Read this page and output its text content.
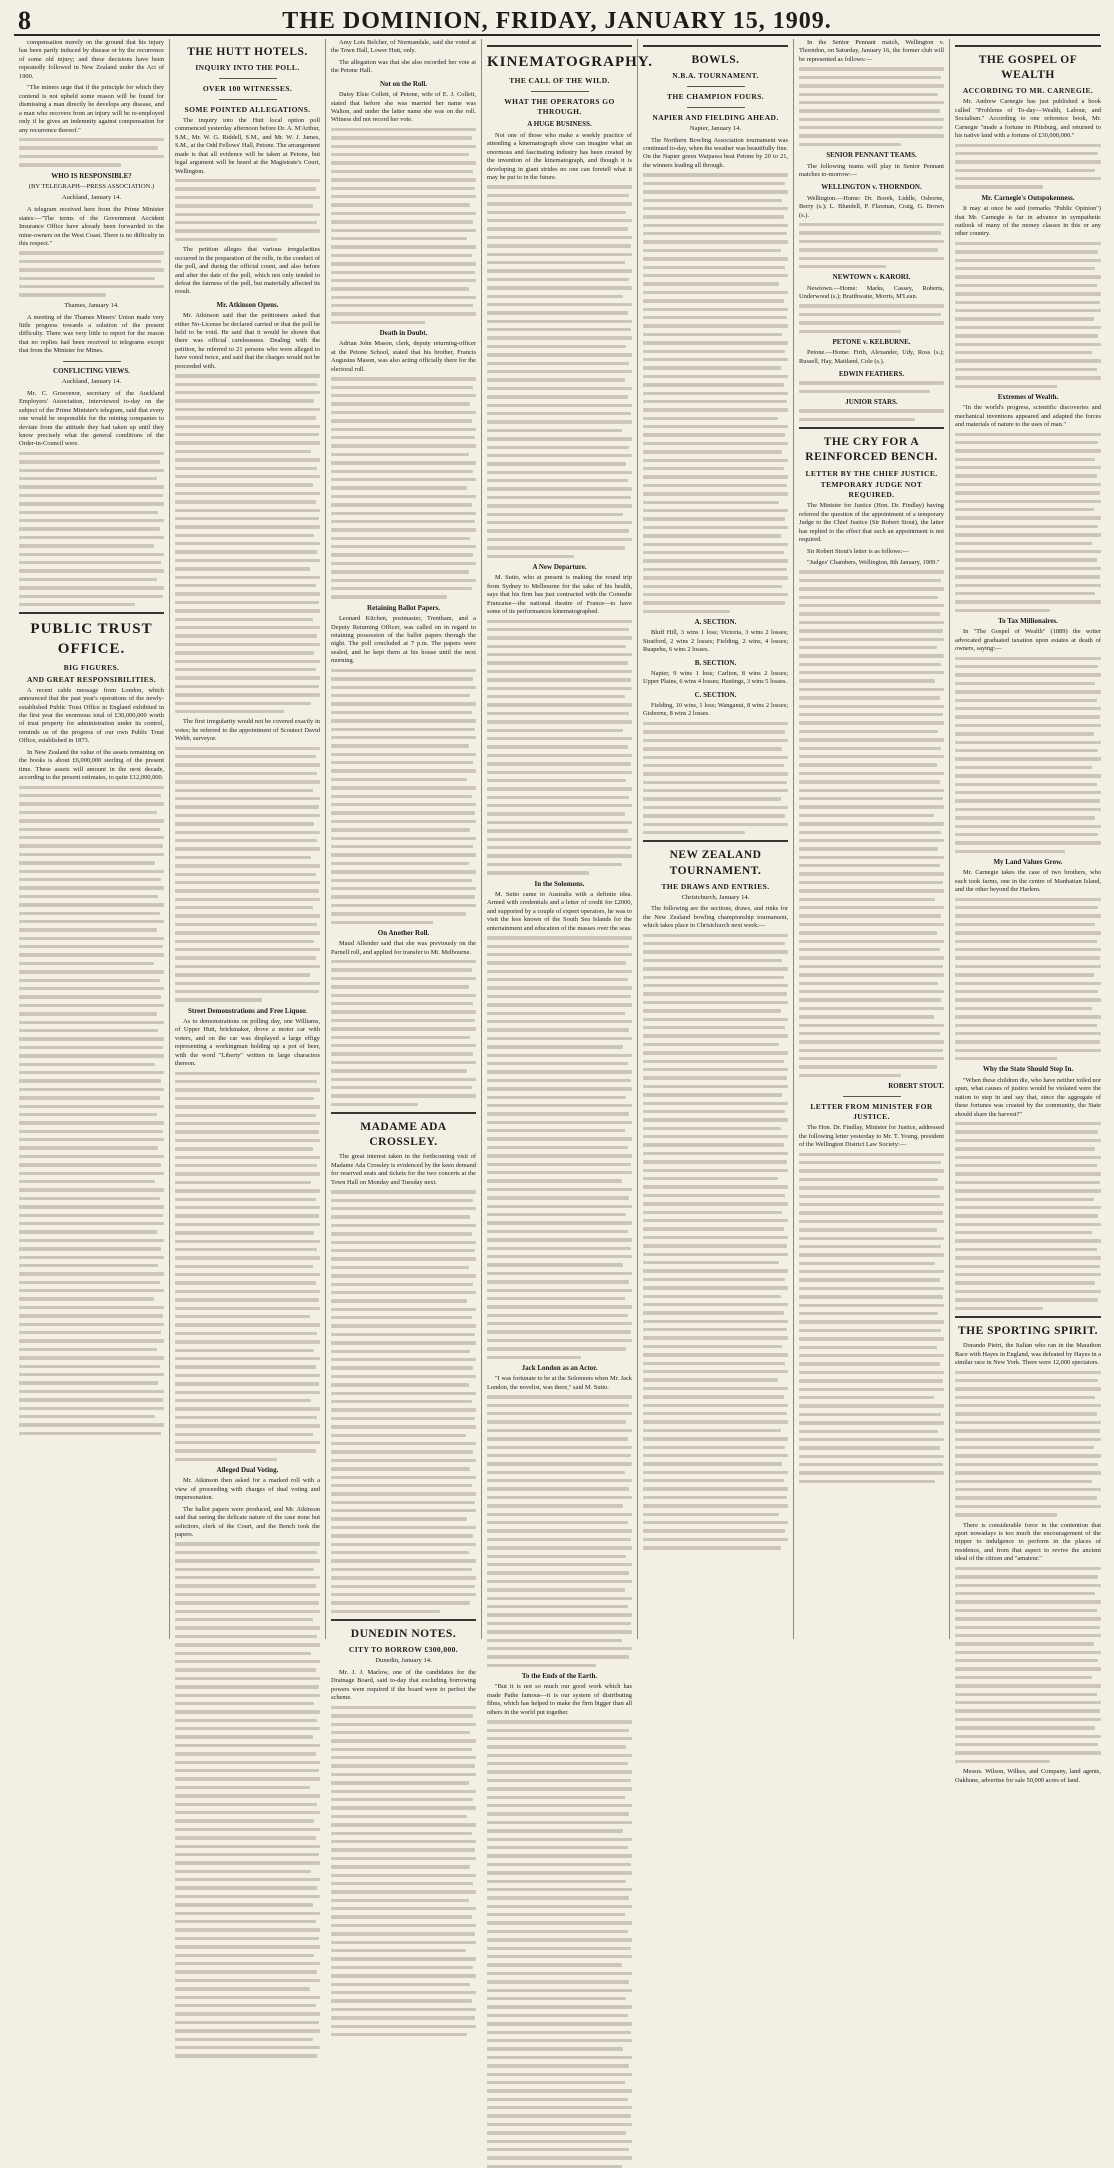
8	THE DOMINION, FRIDAY, JANUARY 15, 1909.

compensation merely on the ground that his injury has been partly induced by disease or by the recurrence of some old injury; and these decisions have been repeatedly followed in New Zealand under the Act of 1900.

"The miners urge that if the principle for which they contend is not upheld some reason will be found for dismissing a man directly he develops any disease, and a man who recovers from an injury will be re-employed only if he gives an indemnity against compensation for any recurrence thereof."

WHO IS RESPONSIBLE?
(BY TELEGRAPH—PRESS ASSOCIATION.)
Auckland, January 14.

A telegram received here from the Prime Minister states:—"The terms of the Government Accident Insurance Office have already been forwarded to the mine-owners on the West Coast. There is no difficulty in this respect."

Thames, January 14.

A meeting of the Thames Miners' Union made very little progress towards a solution of the present difficulty. There was very little to report for the reason that no replies had been received to telegrams except that from the Minister for Mines.

CONFLICTING VIEWS.
Auckland, January 14.

Mr. C. Grosvenor, secretary of the Auckland Employers' Association, interviewed to-day on the subject of the Prime Minister's telegram, said that every one would be responsible for the mining companies to deviate from the attitude they had taken up until they know precisely what the general conditions of the Order-in-Council were.

PUBLIC TRUST OFFICE.
BIG FIGURES.
AND GREAT RESPONSIBILITIES.

A recent cable message from London, which announced that the past year's operations of the newly-established Public Trust Office in England exhibited in the first year the enormous total of £30,000,000 worth of trust property for administration under its control, reminds us of the progress of our own Public Trust Office, established in 1873.

In New Zealand the value of the assets remaining on the books is about £6,000,000 sterling of the present time. These assets will amount in the next decade, according to the present estimates, to quite £12,000,000.

THE HUTT HOTELS.
INQUIRY INTO THE POLL.
OVER 100 WITNESSES.
SOME POINTED ALLEGATIONS.

The inquiry into the Hutt local option poll commenced yesterday afternoon before Dr. A. M'Arthur, S.M., Mr. W. G. Riddell, S.M., and Mr. W. J. James, S.M., at the Odd Fellows' Hall, Petone. The arrangement made is that all evidence will be taken at Petone, but legal argument will be heard at the Magistrate's Court, Wellington.

The petition alleges that various irregularities occurred in the preparation of the rolls, in the conduct of the poll, and during the official count, and also before and after the date of the poll, which not only tended to defeat the fairness of the poll, but materially affected its result.

Mr. Atkinson Opens.

Mr. Atkinson said that the petitioners asked that either No-License be declared carried or that the poll be held to be void. He said that it would be shown that there was official carelessness. Dealing with the petition, he referred to 21 persons who were alleged to have voted twice, and said that the charges would not be proceeded with.

The first irregularity would not be covered exactly in votes; he referred to the appointment of Scoutect David Webb, surveyor.

Street Demonstrations and Free Liquor.

As to demonstrations on polling day, one Williams, of Upper Hutt, brickmaker, drove a motor car with voters, and on the car was displayed a large effigy representing a workingman holding up a pot of beer, with the word "Liberty" written in large characters thereon.

Alleged Dual Voting.

Mr. Atkinson then asked for a marked roll with a view of proceeding with charges of dual voting and impersonation.

The ballot papers were produced, and Mr. Atkinson said that seeing the delicate nature of the case none but solicitors, clerk of the Court, and the Bench took the papers.

Amy Lois Belcher, of Normandale, said she voted at the Town Hall, Lower Hutt, only.

The allegation was that she also recorded her vote at the Petone Hall.

Not on the Roll.

Daisy Elsie Collett, of Petone, wife of E. J. Collett, stated that before she was married her name was Walton, and under the latter name she was on the roll. Witness did not record her vote.

Death in Doubt.

Adrian John Mason, clerk, deputy returning-officer at the Petone School, stated that his brother, Francis Augustus Mason, was also acting officially there for the electoral roll.

Retaining Ballot Papers.

Leonard Kitchen, postmaster, Trentham, and a Deputy Returning Officer, was called on in regard to retaining possession of the ballot papers through the night. The poll concluded at 7 p.m. The papers were sealed, and he kept them at his house until the next morning.

On Another Roll.

Maud Allender said that she was previously on the Parnell roll, and applied for transfer to Mt. Melbourne.

MADAME ADA CROSSLEY.

The great interest taken in the forthcoming visit of Madame Ada Crossley is evidenced by the keen demand for reserved seats and tickets for the two concerts at the Town Hall on Monday and Tuesday next.

DUNEDIN NOTES.
CITY TO BORROW £300,000.
Dunedin, January 14.

Mr. J. J. Marlow, one of the candidates for the Drainage Board, said to-day that excluding borrowing powers were required if the board were to perfect the scheme.

KINEMATOGRAPHY.
THE CALL OF THE WILD.
WHAT THE OPERATORS GO THROUGH.
A HUGE BUSINESS.

Not one of those who make a weekly practice of attending a kinematograph show can imagine what an enormous and fascinating industry has been created by the invention of the kinematograph, and though it is developing in giant strides no one can foretell what it may be put to in the future.

A New Departure.

M. Sutto, who at present is making the round trip from Sydney to Melbourne for the sake of his health, says that his firm has just contracted with the Comedie Francaise—the national theatre of France—to have some of its performances kinematographed.

In the Solomons.

M. Sutto came to Australia with a definite idea. Armed with credentials and a letter of credit for £2000, and supported by a couple of expert operators, he was to visit the less known of the South Sea Islands for the entertainment and education of the masses over the seas.

Jack London as an Actor.

"I was fortunate to be at the Solomons when Mr. Jack London, the novelist, was there," said M. Sutto.

To the Ends of the Earth.

"But it is not so much our good work which has made Pathe famous—it is our system of distributing films, which has helped to make the firm bigger than all others in the world put together.

BOWLS.
N.B.A. TOURNAMENT.
THE CHAMPION FOURS.
NAPIER AND FIELDING AHEAD.
Napier, January 14.

The Northern Bowling Association tournament was continued to-day, when the weather was beautifully fine. On the Napier green Waipawa beat Petone by 20 to 21, the winners leading all through.

A. SECTION.

Bluff Hill, 3 wins 1 loss; Victoria, 3 wins 2 losses; Stratford, 2 wins 2 losses; Fielding, 2 wins, 4 losses; Ruapehu, 6 wins 2 losses.

B. SECTION.

Napier, 9 wins 1 loss; Carlton, 8 wins 2 losses; Upper Plains, 6 wins 4 losses; Hastings, 3 wins 5 losses.

C. SECTION.

Fielding, 10 wins, 1 loss; Wanganui, 8 wins 2 losses; Gisborne, 8 wins 2 losses.

NEW ZEALAND TOURNAMENT.
THE DRAWS AND ENTRIES.
Christchurch, January 14.

The following are the sections, draws, and rinks for the New Zealand bowling championship tournament, which takes place in Christchurch next week:—

In the Senior Pennant match, Wellington v. Thorndon, on Saturday, January 16, the former club will be represented as follows:—

SENIOR PENNANT TEAMS.

The following teams will play in Senior Pennant matches to-morrow:—

WELLINGTON v. THORNDON.

Wellington.—Home: Dr. Borek, Liddle, Osborne, Berry (s.); L. Blundell, P. Flaxman, Craig, G. Brown (s.).

NEWTOWN v. KARORI.

Newtown.—Home: Marks, Cassey, Roberts, Underwood (s.); Braithwaite, Morris, M'Lean.

PETONE v. KELBURNE.

Petone.—Home: Firth, Alexander, Udy, Ross (s.); Russell, Hay, Maitland, Cole (s.).

EDWIN FEATHERS.
JUNIOR STARS.
THE CRY FOR A REINFORCED BENCH.
LETTER BY THE CHIEF JUSTICE.
TEMPORARY JUDGE NOT REQUIRED.

The Minister for Justice (Hon. Dr. Findlay) having referred the question of the appointment of a temporary Judge to the Chief Justice (Sir Robert Stout), the latter has replied to the effect that such an appointment is not required.

Sir Robert Stout's letter is as follows:—

"Judges' Chambers, Wellington, 8th January, 1909."

ROBERT STOUT.
LETTER FROM MINISTER FOR JUSTICE.

The Hon. Dr. Findlay, Minister for Justice, addressed the following letter yesterday to Mr. T. Young, president of the Wellington District Law Society:—

THE GOSPEL OF WEALTH
ACCORDING TO MR. CARNEGIE.

Mr. Andrew Carnegie has just published a book called "Problems of To-day—Wealth, Labour, and Socialism." According to one reference book, Mr. Carnegie "made a fortune in Pittsburg, and returned to his native land with a fortune of £30,000,000."

Mr. Carnegie's Outspokenness.

It may at once be said (remarks "Public Opinion") that Mr. Carnegie is far in advance in sympathetic outlook of many of the money classes in this or any other country.

Extremes of Wealth.

"In the world's progress, scientific discoveries and mechanical inventions appeared and adapted the forces and materials of nature to the uses of man."

To Tax Millionaires.

In "The Gospel of Wealth" (1889) the writer advocated graduated taxation upon estates at death of owners, saying:—

My Land Values Grow.

Mr. Carnegie takes the case of two brothers, who each took farms, one in the centre of Manhattan Island, and the other beyond the Harlem.

Why the State Should Step In.

"When these children die, who have neither toiled nor spun, what causes of justice would be violated were the nation to step in and say that, since the aggregate of these fortunes was created by the community, the State should share the harvest?"

THE SPORTING SPIRIT.

Dorando Pietri, the Italian who ran in the Marathon Race with Hayes in England, was defeated by Hayes in a similar race in New York. There were 12,000 spectators.

There is considerable force in the contention that sport nowadays is too much the encouragement of the tripper to indulgence to perform in the places of residence, and from that aspect to revive the ancient ideal of the citizen and "amateur."

Messrs. Wilson, Wilkes, and Company, land agents, Oakhune, advertise for sale 50,000 acres of land.
